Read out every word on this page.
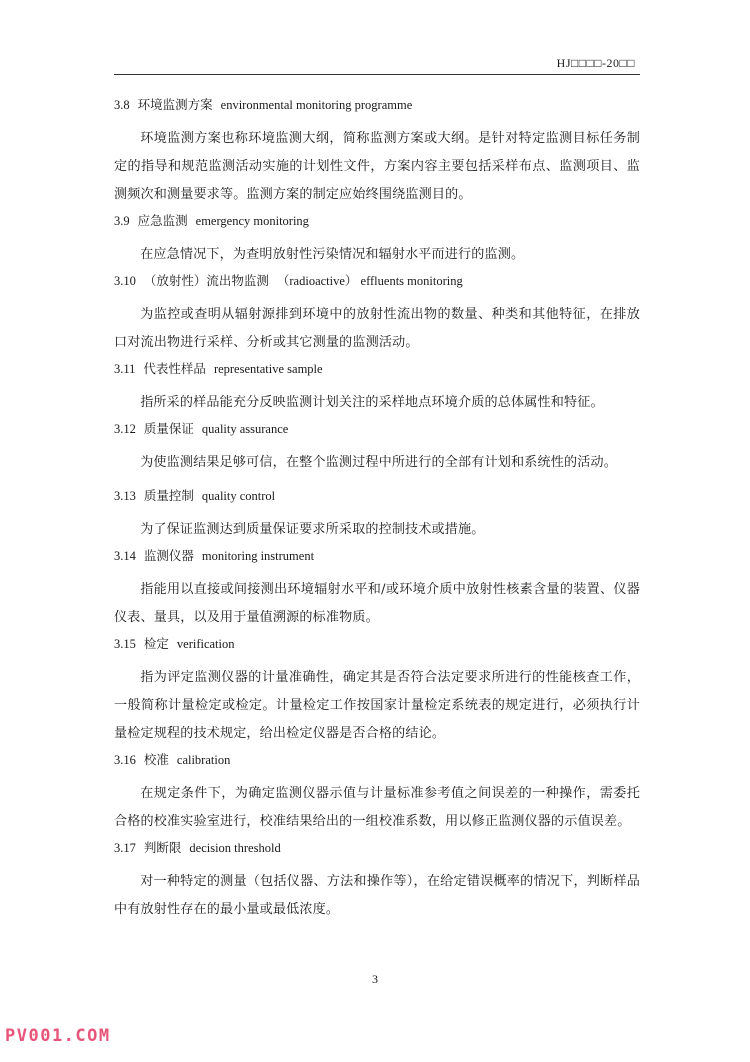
HJ□□□□-20□□
3.8 环境监测方案 environmental monitoring programme

环境监测方案也称环境监测大纲，简称监测方案或大纲。是针对特定监测目标任务制定的指导和规范监测活动实施的计划性文件，方案内容主要包括采样布点、监测项目、监测频次和测量要求等。监测方案的制定应始终围绕监测目的。

3.9 应急监测 emergency monitoring

在应急情况下，为查明放射性污染情况和辐射水平而进行的监测。

3.10 （放射性）流出物监测 （radioactive） effluents monitoring

为监控或查明从辐射源排到环境中的放射性流出物的数量、种类和其他特征，在排放口对流出物进行采样、分析或其它测量的监测活动。

3.11 代表性样品 representative sample

指所采的样品能充分反映监测计划关注的采样地点环境介质的总体属性和特征。

3.12 质量保证 quality assurance

为使监测结果足够可信，在整个监测过程中所进行的全部有计划和系统性的活动。

3.13 质量控制 quality control

为了保证监测达到质量保证要求所采取的控制技术或措施。

3.14 监测仪器 monitoring instrument

指能用以直接或间接测出环境辐射水平和/或环境介质中放射性核素含量的装置、仪器仪表、量具，以及用于量值溯源的标准物质。

3.15 检定 verification

指为评定监测仪器的计量准确性，确定其是否符合法定要求所进行的性能核查工作，一般简称计量检定或检定。计量检定工作按国家计量检定系统表的规定进行，必须执行计量检定规程的技术规定，给出检定仪器是否合格的结论。

3.16 校准 calibration

在规定条件下，为确定监测仪器示值与计量标准参考值之间误差的一种操作，需委托合格的校准实验室进行，校准结果给出的一组校准系数，用以修正监测仪器的示值误差。

3.17 判断限 decision threshold

对一种特定的测量（包括仪器、方法和操作等），在给定错误概率的情况下，判断样品中有放射性存在的最小量或最低浓度。

3
PV001.COM
